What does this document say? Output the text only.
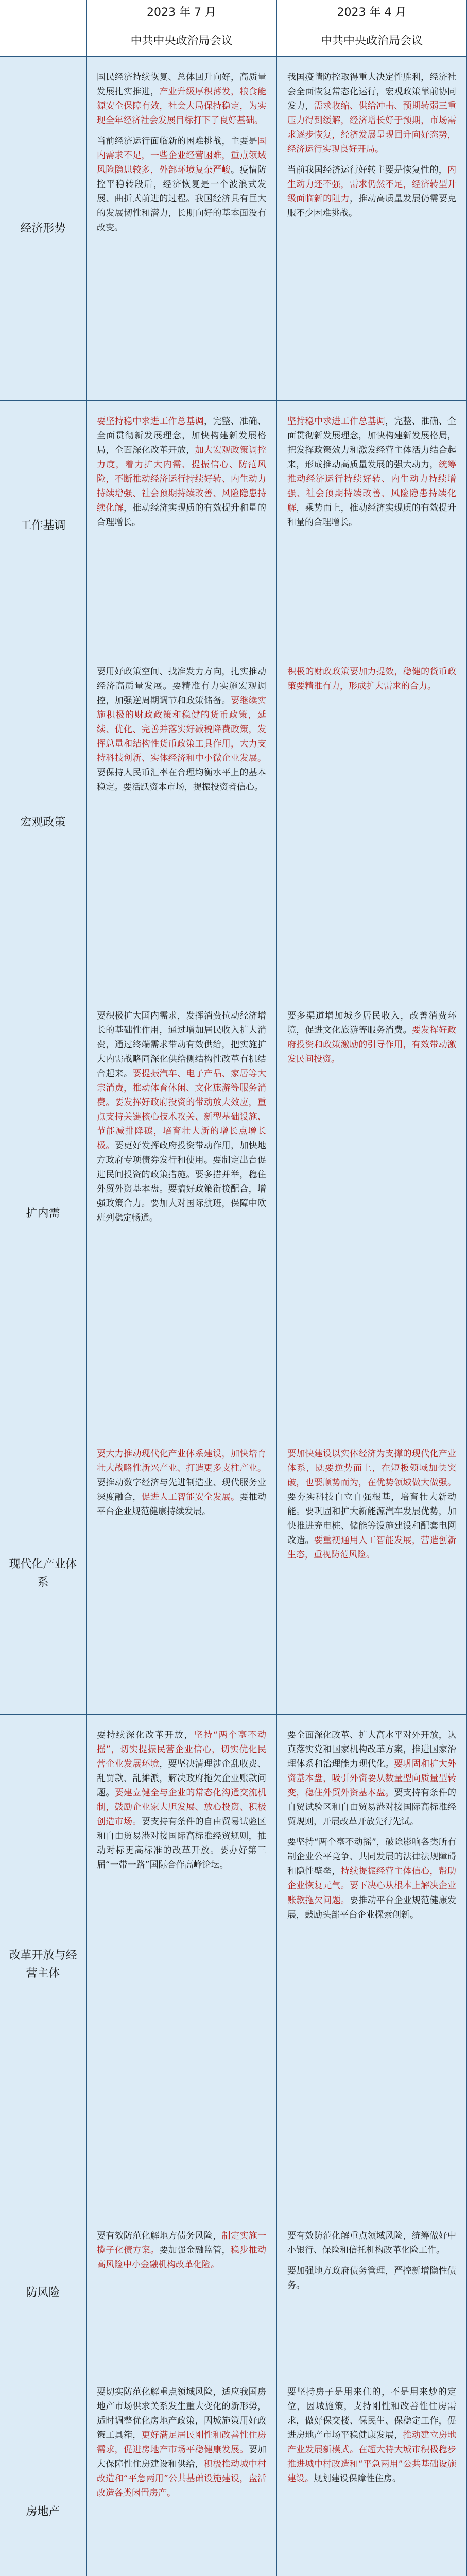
2023 年 7 月	2023 年 4 月
中共中央政治局会议	中共中央政治局会议
经济形势

国民经济持续恢复、总体回升向好，高质量发展扎实推进，产业升级厚积薄发，粮食能源安全保障有效，社会大局保持稳定，为实现全年经济社会发展目标打下了良好基础。

当前经济运行面临新的困难挑战，主要是国内需求不足，一些企业经营困难，重点领域风险隐患较多，外部环境复杂严峻。疫情防控平稳转段后，经济恢复是一个波浪式发展、曲折式前进的过程。我国经济具有巨大的发展韧性和潜力，长期向好的基本面没有改变。

我国疫情防控取得重大决定性胜利，经济社会全面恢复常态化运行，宏观政策靠前协同发力，需求收缩、供给冲击、预期转弱三重压力得到缓解，经济增长好于预期，市场需求逐步恢复，经济发展呈现回升向好态势，经济运行实现良好开局。

当前我国经济运行好转主要是恢复性的，内生动力还不强，需求仍然不足，经济转型升级面临新的阻力，推动高质量发展仍需要克服不少困难挑战。

工作基调

要坚持稳中求进工作总基调，完整、准确、全面贯彻新发展理念，加快构建新发展格局，全面深化改革开放，加大宏观政策调控力度，着力扩大内需、提振信心、防范风险，不断推动经济运行持续好转、内生动力持续增强、社会预期持续改善、风险隐患持续化解，推动经济实现质的有效提升和量的合理增长。

坚持稳中求进工作总基调，完整、准确、全面贯彻新发展理念，加快构建新发展格局，把发挥政策效力和激发经营主体活力结合起来，形成推动高质量发展的强大动力，统筹推动经济运行持续好转、内生动力持续增强、社会预期持续改善、风险隐患持续化解，乘势而上，推动经济实现质的有效提升和量的合理增长。

宏观政策

要用好政策空间、找准发力方向，扎实推动经济高质量发展。要精准有力实施宏观调控，加强逆周期调节和政策储备。要继续实施积极的财政政策和稳健的货币政策，延续、优化、完善并落实好减税降费政策，发挥总量和结构性货币政策工具作用，大力支持科技创新、实体经济和中小微企业发展。要保持人民币汇率在合理均衡水平上的基本稳定。要活跃资本市场，提振投资者信心。

积极的财政政策要加力提效，稳健的货币政策要精准有力，形成扩大需求的合力。

扩内需

要积极扩大国内需求，发挥消费拉动经济增长的基础性作用，通过增加居民收入扩大消费，通过终端需求带动有效供给，把实施扩大内需战略同深化供给侧结构性改革有机结合起来。要提振汽车、电子产品、家居等大宗消费，推动体育休闲、文化旅游等服务消费。要发挥好政府投资的带动放大效应，重点支持关键核心技术攻关、新型基础设施、节能减排降碳，培育壮大新的增长点增长极。要更好发挥政府投资带动作用，加快地方政府专项债券发行和使用。要制定出台促进民间投资的政策措施。要多措并举，稳住外贸外资基本盘。要搞好政策衔接配合，增强政策合力。要加大对国际航班，保障中欧班列稳定畅通。

要多渠道增加城乡居民收入，改善消费环境，促进文化旅游等服务消费。要发挥好政府投资和政策激励的引导作用，有效带动激发民间投资。

现代化产业体系

要大力推动现代化产业体系建设，加快培育壮大战略性新兴产业、打造更多支柱产业。要推动数字经济与先进制造业、现代服务业深度融合，促进人工智能安全发展。要推动平台企业规范健康持续发展。

要加快建设以实体经济为支撑的现代化产业体系，既要逆势而上，在短板领域加快突破，也要顺势而为，在优势领域做大做强。要夯实科技自立自强根基，培育壮大新动能。要巩固和扩大新能源汽车发展优势，加快推进充电桩、储能等设施建设和配套电网改造。要重视通用人工智能发展，营造创新生态，重视防范风险。

改革开放与经营主体

要持续深化改革开放，坚持“两个毫不动摇”，切实提振民营企业信心，切实优化民营企业发展环境，要坚决清理涉企乱收费、乱罚款、乱摊派，解决政府拖欠企业账款问题。要建立健全与企业的常态化沟通交流机制，鼓励企业家大胆发展、放心投资、积极创造市场。要支持有条件的自由贸易试验区和自由贸易港对接国际高标准经贸规则，推动对标更高标准的改革开放。要办好第三届“一带一路”国际合作高峰论坛。

要全面深化改革、扩大高水平对外开放，认真落实党和国家机构改革方案，推进国家治理体系和治理能力现代化。要巩固和扩大外资基本盘，吸引外资要从数量型向质量型转变，稳住外贸外资基本盘。要支持有条件的自贸试验区和自由贸易港对接国际高标准经贸规则，开展改革开放先行先试。

要坚持“两个毫不动摇”，破除影响各类所有制企业公平竞争、共同发展的法律法规障碍和隐性壁垒，持续提振经营主体信心，帮助企业恢复元气。要下决心从根本上解决企业账款拖欠问题。要推动平台企业规范健康发展，鼓励头部平台企业探索创新。

防风险

要有效防范化解地方债务风险，制定实施一揽子化债方案。要加强金融监管，稳步推动高风险中小金融机构改革化险。

要有效防范化解重点领域风险，统筹做好中小银行、保险和信托机构改革化险工作。

要加强地方政府债务管理，严控新增隐性债务。

房地产

要切实防范化解重点领域风险，适应我国房地产市场供求关系发生重大变化的新形势，适时调整优化房地产政策，因城施策用好政策工具箱，更好满足居民刚性和改善性住房需求，促进房地产市场平稳健康发展。要加大保障性住房建设和供给，积极推动城中村改造和“平急两用”公共基础设施建设，盘活改造各类闲置房产。

要坚持房子是用来住的，不是用来炒的定位，因城施策，支持刚性和改善性住房需求，做好保交楼、保民生、保稳定工作，促进房地产市场平稳健康发展，推动建立房地产业发展新模式。在超大特大城市积极稳步推进城中村改造和“平急两用”公共基础设施建设。规划建设保障性住房。
